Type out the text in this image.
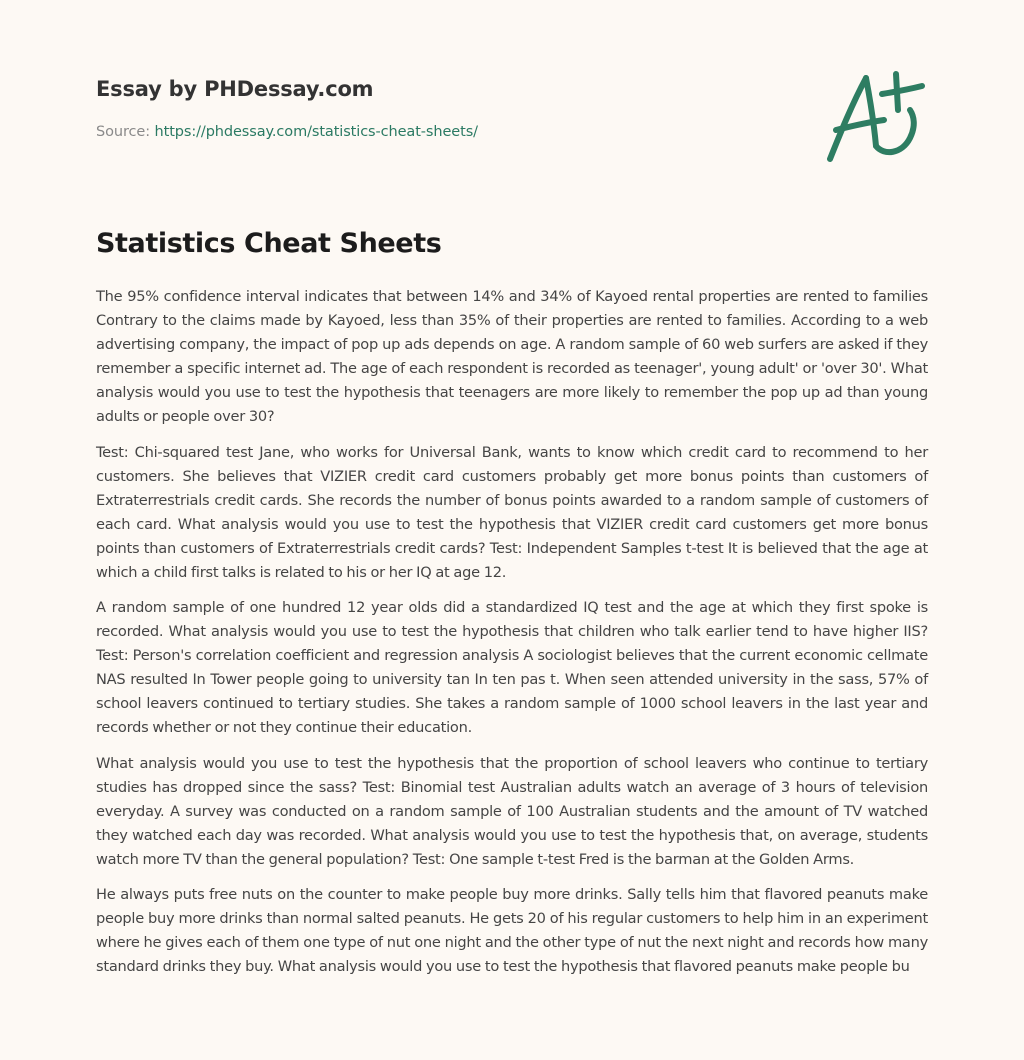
Essay by PHDessay.com
Source: https://phdessay.com/statistics-cheat-sheets/
Statistics Cheat Sheets

The 95% confidence interval indicates that between 14% and 34% of Kayoed rental properties are rented to families Contrary to the claims made by Kayoed, less than 35% of their properties are rented to families. According to a web advertising company, the impact of pop up ads depends on age. A random sample of 60 web surfers are asked if they remember a specific internet ad. The age of each respondent is recorded as teenager', young adult' or 'over 30'. What analysis would you use to test the hypothesis that teenagers are more likely to remember the pop up ad than young adults or people over 30?

Test: Chi-squared test Jane, who works for Universal Bank, wants to know which credit card to recommend to her customers. She believes that VIZIER credit card customers probably get more bonus points than customers of Extraterrestrials credit cards. She records the number of bonus points awarded to a random sample of customers of each card. What analysis would you use to test the hypothesis that VIZIER credit card customers get more bonus points than customers of Extraterrestrials credit cards? Test: Independent Samples t-test It is believed that the age at which a child first talks is related to his or her IQ at age 12.

A random sample of one hundred 12 year olds did a standardized IQ test and the age at which they first spoke is recorded. What analysis would you use to test the hypothesis that children who talk earlier tend to have higher IIS? Test: Person's correlation coefficient and regression analysis A sociologist believes that the current economic cellmate NAS resulted In Tower people going to university tan In ten pas t. When seen attended university in the sass, 57% of school leavers continued to tertiary studies. She takes a random sample of 1000 school leavers in the last year and records whether or not they continue their education.

What analysis would you use to test the hypothesis that the proportion of school leavers who continue to tertiary studies has dropped since the sass? Test: Binomial test Australian adults watch an average of 3 hours of television everyday. A survey was conducted on a random sample of 100 Australian students and the amount of TV watched they watched each day was recorded. What analysis would you use to test the hypothesis that, on average, students watch more TV than the general population? Test: One sample t-test Fred is the barman at the Golden Arms.

He always puts free nuts on the counter to make people buy more drinks. Sally tells him that flavored peanuts make people buy more drinks than normal salted peanuts. He gets 20 of his regular customers to help him in an experiment where he gives each of them one type of nut one night and the other type of nut the next night and records how many standard drinks they buy. What analysis would you use to test the hypothesis that flavored peanuts make people bu
